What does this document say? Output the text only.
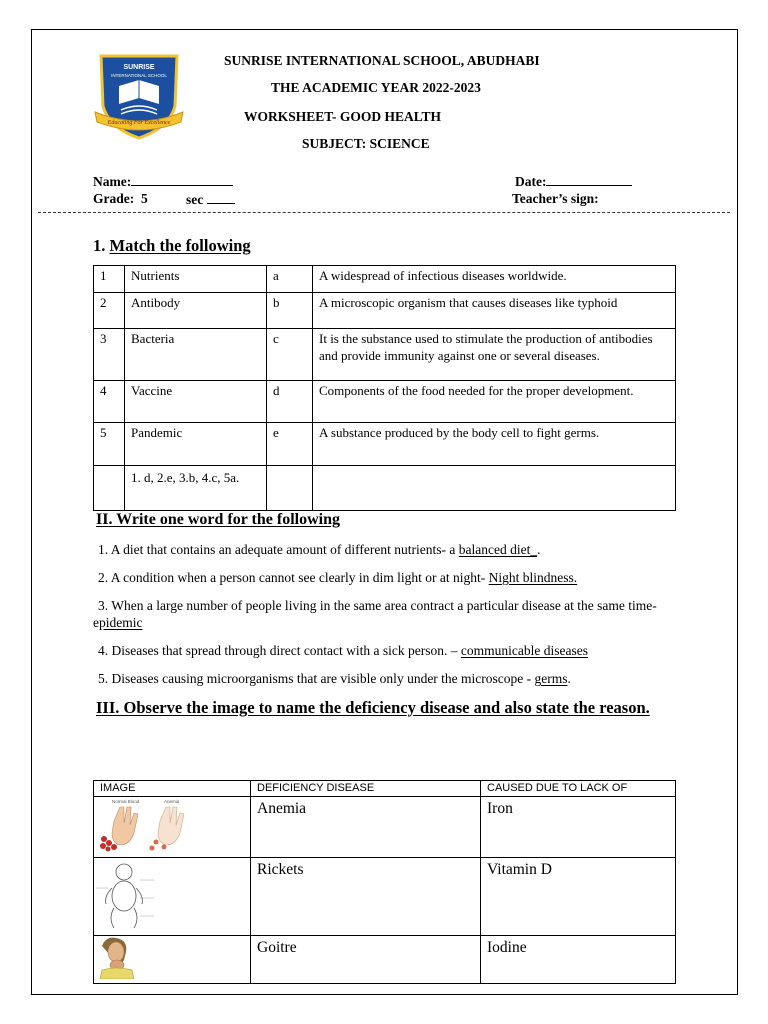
SUNRISE
INTERNATIONAL SCHOOL
Educating For Excellence
SUNRISE INTERNATIONAL SCHOOL, ABUDHABI
THE ACADEMIC YEAR 2022-2023
WORKSHEET- GOOD HEALTH
SUBJECT: SCIENCE
Name:	Date:
Grade: 5	sec	Teacher’s sign:
1. Match the following
1	Nutrients	a	A widespread of infectious diseases worldwide.
2	Antibody	b	A microscopic organism that causes diseases like typhoid
3	Bacteria	c	It is the substance used to stimulate the production of antibodies and provide immunity against one or several diseases.
4	Vaccine	d	Components of the food needed for the proper development.
5	Pandemic	e	A substance produced by the body cell to fight germs.
	1. d, 2.e, 3.b, 4.c, 5a.		
II. Write one word for the following
1. A diet that contains an adequate amount of different nutrients- a balanced diet_.
2. A condition when a person cannot see clearly in dim light or at night- Night blindness.
3. When a large number of people living in the same area contract a particular disease at the same time- epidemic
4. Diseases that spread through direct contact with a sick person. – communicable diseases
5. Diseases causing microorganisms that are visible only under the microscope - germs.
III. Observe the image to name the deficiency disease and also state the reason.
IMAGE	DEFICIENCY DISEASE	CAUSED DUE TO LACK OF

Normal Blood Anemia	Anemia	Iron
	Rickets	Vitamin D
	Goitre	Iodine
